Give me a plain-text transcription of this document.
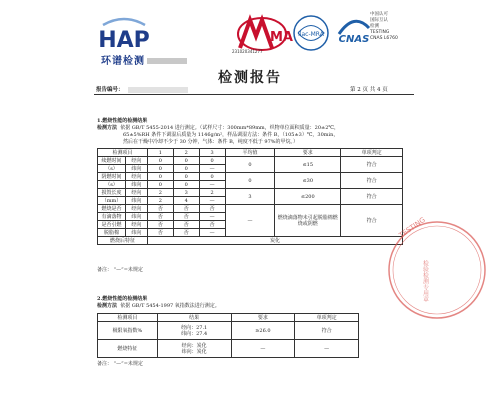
HAP
环谱检测
MA
231020341277
ilac-MRA CNAS
中国认可
国际互认
检测
TESTING
CNAS L6760
检测报告
报告编号：	第 2 页 共 4 页
1.燃烧性能的检测结果
检测方法 依据 GB/T 5455-2014 进行测定。（试样尺寸：300mm*89mm，织物单位面积质量：20±2℃，
65±5%RH 条件下调湿后质量为 1146g/m²，样品调湿方法：条件 B，（105±3）℃，30min，
然后在干燥中冷却不少于 30 分钟，气体：条件 B，纯度不低于 97%的甲烷。）
检测项目		1	2	3	平均值	要求	单项判定
续燃时间	经向	0	0	0	0	≤15	符合
（s）	纬向	0	0	—			
阴燃时间	经向	0	0	0	0	≤30	符合
（s）	纬向	0	0	—			
损毁长度	经向	2	3	2	3	≤200	符合
（mm）	纬向	2	4	—			
燃烧是否	经向	否	否	否	—	燃烧滴落物未引起脱脂棉燃烧或阴燃	符合
有滴落物	纬向	否	否	—			
是否引燃	经向	否	否	否			
脱脂棉	纬向	否	否	—			
燃烧后特征		炭化					
备注： “—”=未规定
2.燃烧性能的检测结果
检测方法 依据 GB/T 5454-1997 氧指数法进行测定。
检测项目	结果	要求	单项判定
极限氧指数%	经向：27.1
纬向：27.4	≥26.0	符合
燃烧特征	经向：炭化
纬向：炭化	—	—
备注： “—”=未规定
TESTING
检验检测专用章
